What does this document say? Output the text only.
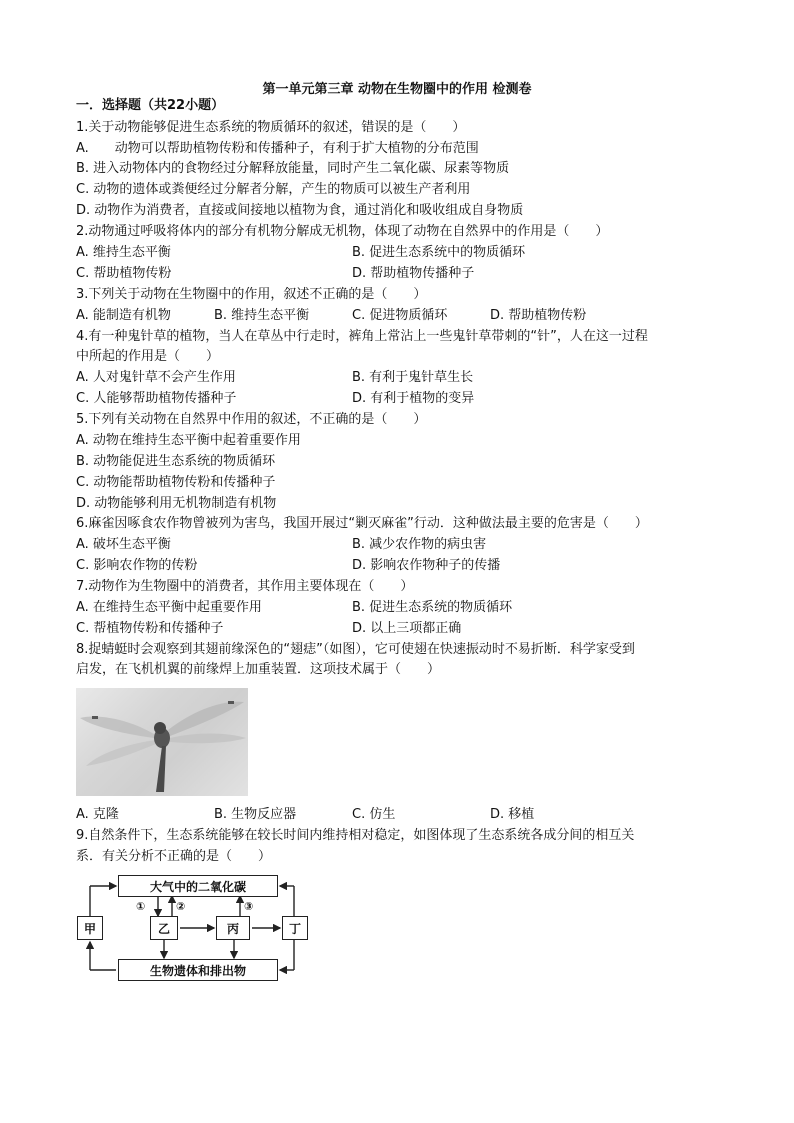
第一单元第三章 动物在生物圈中的作用 检测卷
一．选择题（共22小题）
1.关于动物能够促进生态系统的物质循环的叙述，错误的是（　　）
A.　　动物可以帮助植物传粉和传播种子，有利于扩大植物的分布范围
B. 进入动物体内的食物经过分解释放能量，同时产生二氧化碳、尿素等物质
C. 动物的遗体或粪便经过分解者分解，产生的物质可以被生产者利用
D. 动物作为消费者，直接或间接地以植物为食，通过消化和吸收组成自身物质
2.动物通过呼吸将体内的部分有机物分解成无机物，体现了动物在自然界中的作用是（　　）
A. 维持生态平衡	B. 促进生态系统中的物质循环
C. 帮助植物传粉	D. 帮助植物传播种子
3.下列关于动物在生物圈中的作用，叙述不正确的是（　　）
A. 能制造有机物	B. 维持生态平衡	C. 促进物质循环	D. 帮助植物传粉
4.有一种鬼针草的植物，当人在草丛中行走时，裤角上常沾上一些鬼针草带刺的“针”，人在这一过程
中所起的作用是（　　）
A. 人对鬼针草不会产生作用	B. 有利于鬼针草生长
C. 人能够帮助植物传播种子	D. 有利于植物的变异
5.下列有关动物在自然界中作用的叙述，不正确的是（　　）
A. 动物在维持生态平衡中起着重要作用
B. 动物能促进生态系统的物质循环
C. 动物能帮助植物传粉和传播种子
D. 动物能够利用无机物制造有机物
6.麻雀因啄食农作物曾被列为害鸟，我国开展过“剿灭麻雀”行动．这种做法最主要的危害是（　　）
A. 破坏生态平衡	B. 减少农作物的病虫害
C. 影响农作物的传粉	D. 影响农作物种子的传播
7.动物作为生物圈中的消费者，其作用主要体现在（　　）
A. 在维持生态平衡中起重要作用	B. 促进生态系统的物质循环
C. 帮植物传粉和传播种子	D. 以上三项都正确
8.捉蜻蜓时会观察到其翅前缘深色的“翅痣”（如图），它可使翅在快速振动时不易折断．科学家受到
启发，在飞机机翼的前缘焊上加重装置．这项技术属于（　　）
A. 克隆	B. 生物反应器	C. 仿生	D. 移植
9.自然条件下，生态系统能够在较长时间内维持相对稳定，如图体现了生态系统各成分间的相互关
系．有关分析不正确的是（　　）
大气中的二氧化碳
甲	乙	丙	丁
生物遗体和排出物
①	②	③
